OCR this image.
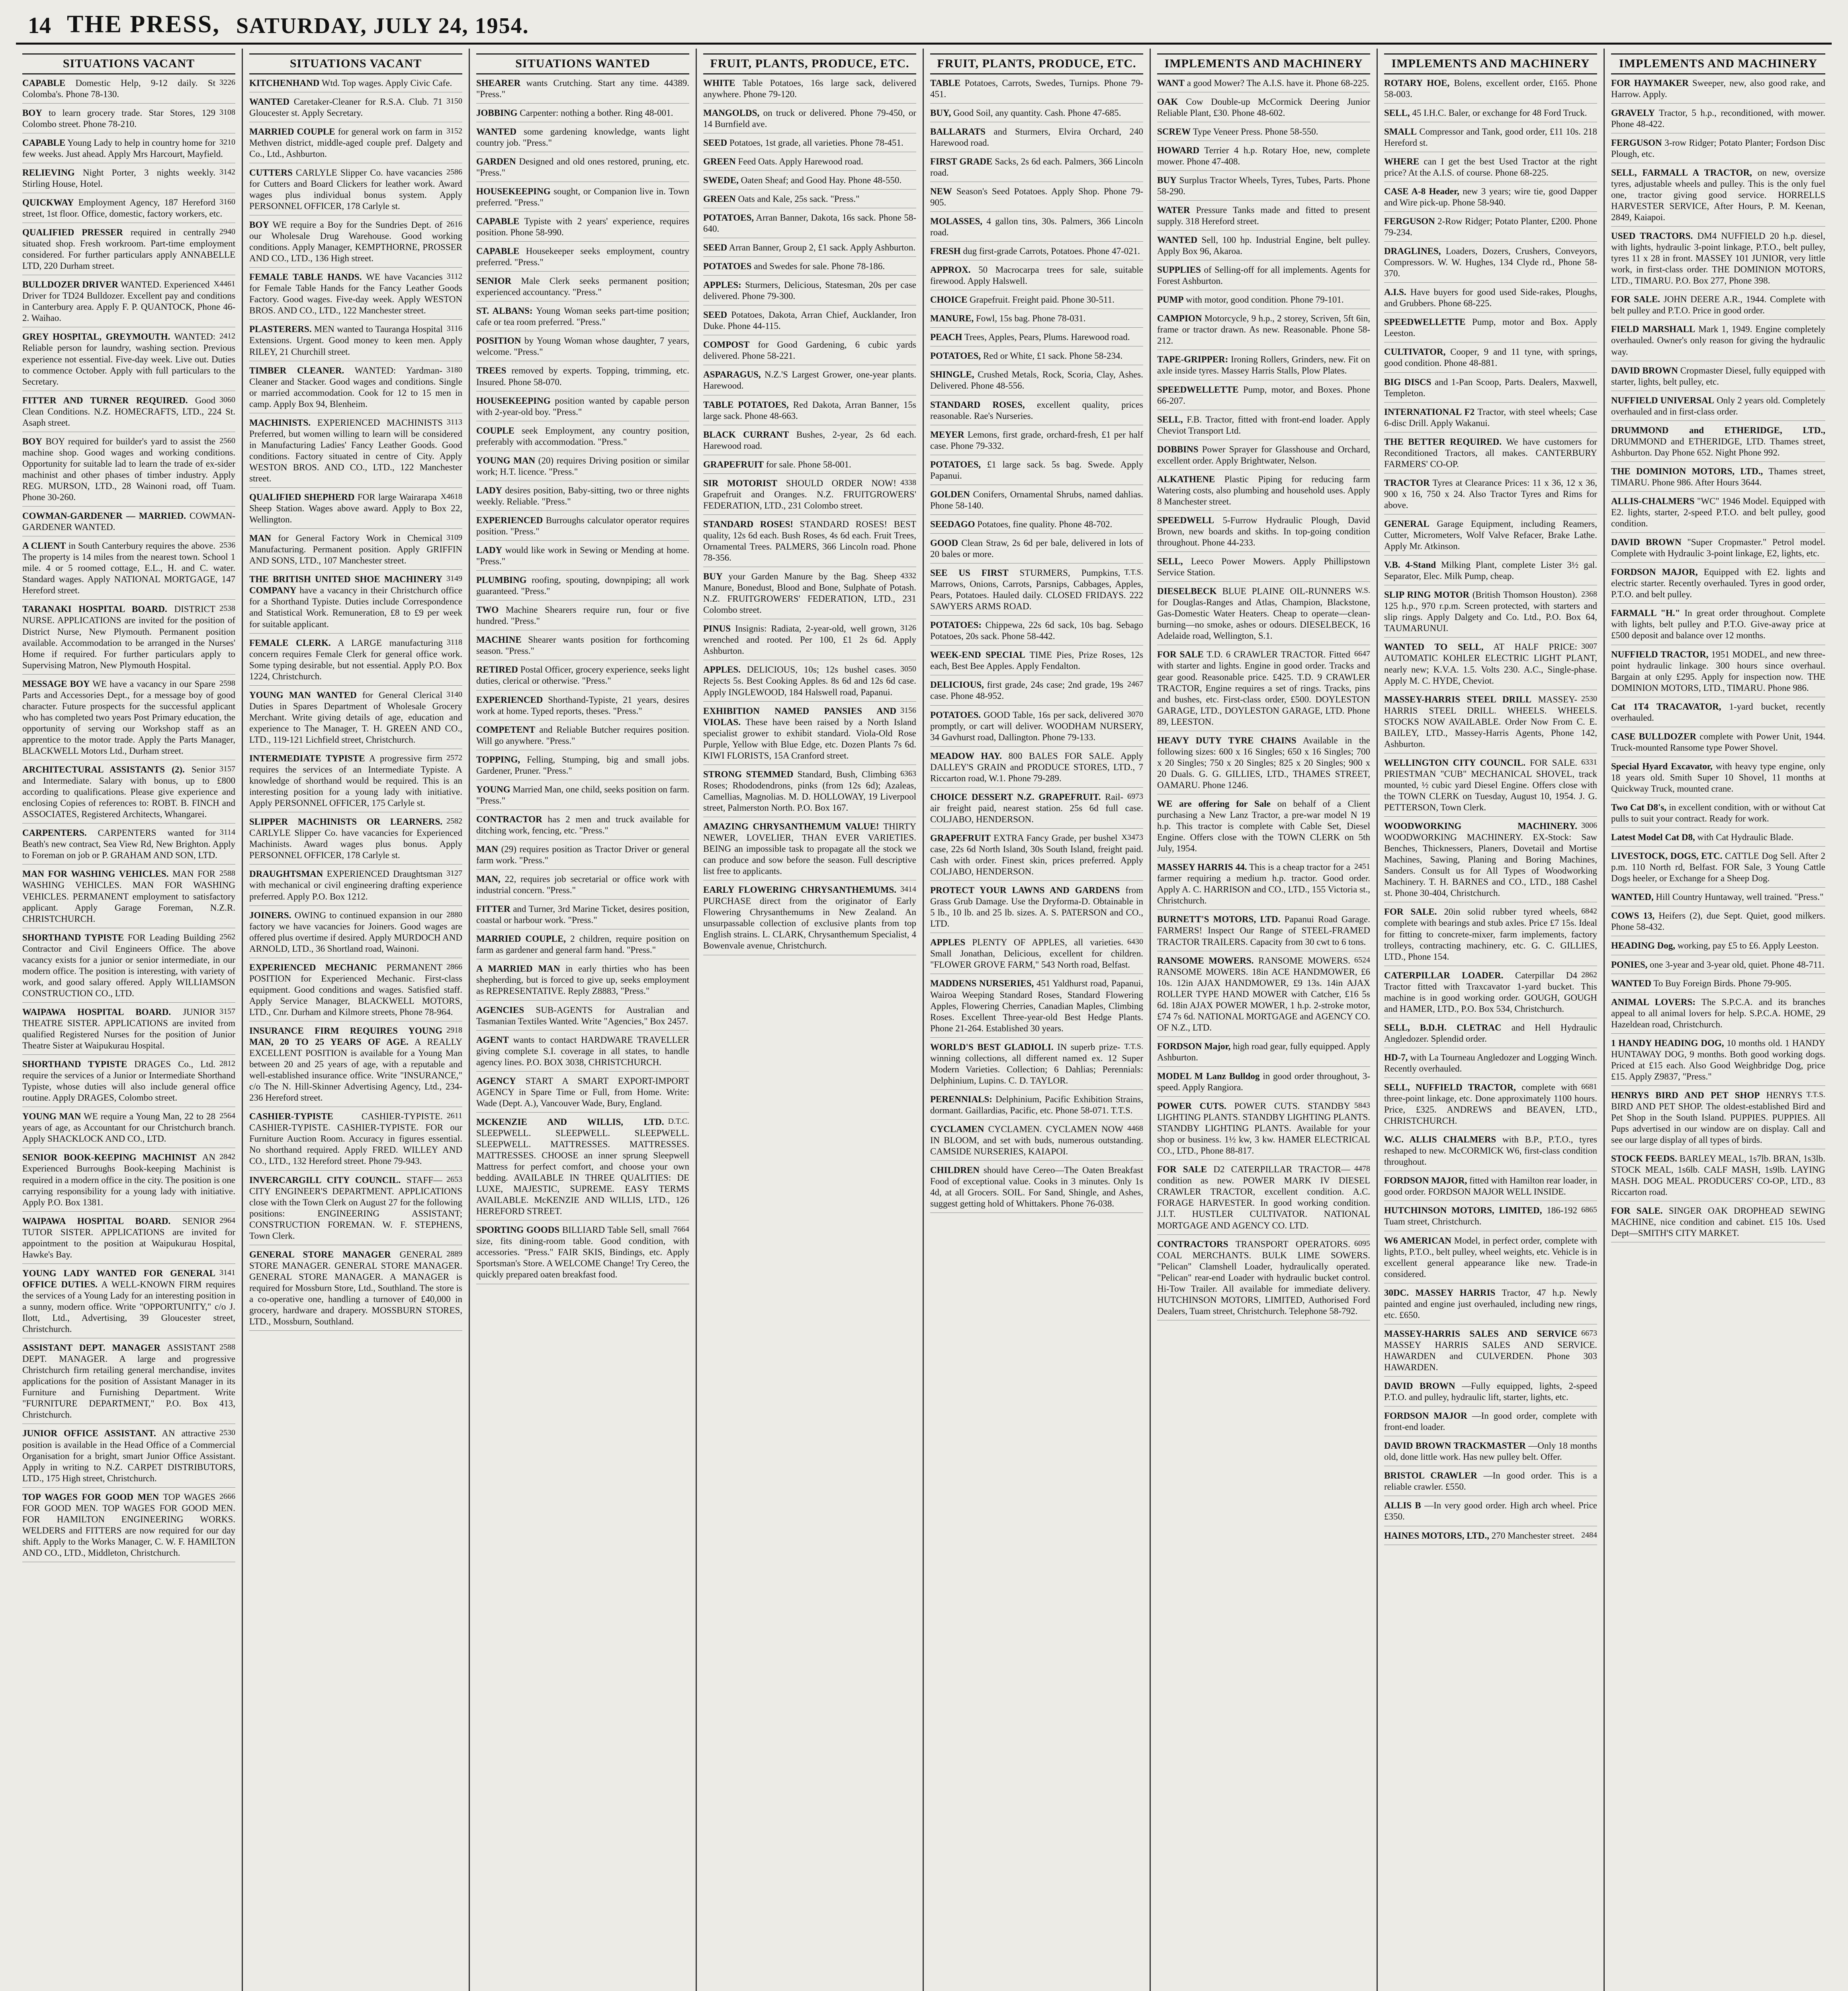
14 THE PRESS, SATURDAY, JULY 24, 1954.
SITUATIONS VACANT
3226
CAPABLE Domestic Help, 9-12 daily. St Colomba's. Phone 78-130.
3108
BOY to learn grocery trade. Star Stores, 129 Colombo street. Phone 78-210.
3210
CAPABLE Young Lady to help in country home for few weeks. Just ahead. Apply Mrs Harcourt, Mayfield.
3142
RELIEVING Night Porter, 3 nights weekly. Stirling House, Hotel.
3160
QUICKWAY Employment Agency, 187 Hereford street, 1st floor. Office, domestic, factory workers, etc.
2940
QUALIFIED PRESSER required in centrally situated shop. Fresh workroom. Part-time employment considered. For further particulars apply ANNABELLE LTD, 220 Durham street.
X4461
BULLDOZER DRIVER WANTED. Experienced Driver for TD24 Bulldozer. Excellent pay and conditions in Canterbury area. Apply F. P. QUANTOCK, Phone 46-2. Waihao.
2412
GREY HOSPITAL, GREYMOUTH. WANTED: Reliable person for laundry, washing section. Previous experience not essential. Five-day week. Live out. Duties to commence October. Apply with full particulars to the Secretary.
3060
FITTER AND TURNER REQUIRED. Good Clean Conditions. N.Z. HOMECRAFTS, LTD., 224 St. Asaph street.
2560
BOY BOY required for builder's yard to assist the machine shop. Good wages and working conditions. Opportunity for suitable lad to learn the trade of ex-sider machinist and other phases of timber industry. Apply REG. MURSON, LTD., 28 Wainoni road, off Tuam. Phone 30-260.
COWMAN-GARDENER — MARRIED. COWMAN-GARDENER WANTED.
2536
A CLIENT in South Canterbury requires the above. The property is 14 miles from the nearest town. School 1 mile. 4 or 5 roomed cottage, E.L., H. and C. water. Standard wages. Apply NATIONAL MORTGAGE, 147 Hereford street.
2538
TARANAKI HOSPITAL BOARD. DISTRICT NURSE. APPLICATIONS are invited for the position of District Nurse, New Plymouth. Permanent position available. Accommodation to be arranged in the Nurses' Home if required. For further particulars apply to Supervising Matron, New Plymouth Hospital.
2598
MESSAGE BOY WE have a vacancy in our Spare Parts and Accessories Dept., for a message boy of good character. Future prospects for the successful applicant who has completed two years Post Primary education, the opportunity of serving our Workshop staff as an apprentice to the motor trade. Apply the Parts Manager, BLACKWELL Motors Ltd., Durham street.
3157
ARCHITECTURAL ASSISTANTS (2). Senior and Intermediate. Salary with bonus, up to £800 according to qualifications. Please give experience and enclosing Copies of references to: ROBT. B. FINCH and ASSOCIATES, Registered Architects, Whangarei.
3114
CARPENTERS. CARPENTERS wanted for Beath's new contract, Sea View Rd, New Brighton. Apply to Foreman on job or P. GRAHAM AND SON, LTD.
2588
MAN FOR WASHING VEHICLES. MAN FOR WASHING VEHICLES. MAN FOR WASHING VEHICLES. PERMANENT employment to satisfactory applicant. Apply Garage Foreman, N.Z.R. CHRISTCHURCH.
2562
SHORTHAND TYPISTE FOR Leading Building Contractor and Civil Engineers Office. The above vacancy exists for a junior or senior intermediate, in our modern office. The position is interesting, with variety of work, and good salary offered. Apply WILLIAMSON CONSTRUCTION CO., LTD.
3157
WAIPAWA HOSPITAL BOARD. JUNIOR THEATRE SISTER. APPLICATIONS are invited from qualified Registered Nurses for the position of Junior Theatre Sister at Waipukurau Hospital.
2812
SHORTHAND TYPISTE DRAGES Co., Ltd. require the services of a Junior or Intermediate Shorthand Typiste, whose duties will also include general office routine. Apply DRAGES, Colombo street.
2564
YOUNG MAN WE require a Young Man, 22 to 28 years of age, as Accountant for our Christchurch branch. Apply SHACKLOCK AND CO., LTD.
2842
SENIOR BOOK-KEEPING MACHINIST AN Experienced Burroughs Book-keeping Machinist is required in a modern office in the city. The position is one carrying responsibility for a young lady with initiative. Apply P.O. Box 1381.
2964
WAIPAWA HOSPITAL BOARD. SENIOR TUTOR SISTER. APPLICATIONS are invited for appointment to the position at Waipukurau Hospital, Hawke's Bay.
3141
YOUNG LADY WANTED FOR GENERAL OFFICE DUTIES. A WELL-KNOWN FIRM requires the services of a Young Lady for an interesting position in a sunny, modern office. Write "OPPORTUNITY," c/o J. Ilott, Ltd., Advertising, 39 Gloucester street, Christchurch.
2588
ASSISTANT DEPT. MANAGER ASSISTANT DEPT. MANAGER. A large and progressive Christchurch firm retailing general merchandise, invites applications for the position of Assistant Manager in its Furniture and Furnishing Department. Write "FURNITURE DEPARTMENT," P.O. Box 413, Christchurch.
2530
JUNIOR OFFICE ASSISTANT. AN attractive position is available in the Head Office of a Commercial Organisation for a bright, smart Junior Office Assistant. Apply in writing to N.Z. CARPET DISTRIBUTORS, LTD., 175 High street, Christchurch.
2666
TOP WAGES FOR GOOD MEN TOP WAGES FOR GOOD MEN. TOP WAGES FOR GOOD MEN. FOR HAMILTON ENGINEERING WORKS. WELDERS and FITTERS are now required for our day shift. Apply to the Works Manager, C. W. F. HAMILTON AND CO., LTD., Middleton, Christchurch.
SITUATIONS VACANT
KITCHENHAND Wtd. Top wages. Apply Civic Cafe.
3150
WANTED Caretaker-Cleaner for R.S.A. Club. 71 Gloucester st. Apply Secretary.
3152
MARRIED COUPLE for general work on farm in Methven district, middle-aged couple pref. Dalgety and Co., Ltd., Ashburton.
2586
CUTTERS CARLYLE Slipper Co. have vacancies for Cutters and Board Clickers for leather work. Award wages plus individual bonus system. Apply PERSONNEL OFFICER, 178 Carlyle st.
2616
BOY WE require a Boy for the Sundries Dept. of our Wholesale Drug Warehouse. Good working conditions. Apply Manager, KEMPTHORNE, PROSSER AND CO., LTD., 136 High street.
3112
FEMALE TABLE HANDS. WE have Vacancies for Female Table Hands for the Fancy Leather Goods Factory. Good wages. Five-day week. Apply WESTON BROS. AND CO., LTD., 122 Manchester street.
3116
PLASTERERS. MEN wanted to Tauranga Hospital Extensions. Urgent. Good money to keen men. Apply RILEY, 21 Churchill street.
3180
TIMBER CLEANER. WANTED: Yardman-Cleaner and Stacker. Good wages and conditions. Single or married accommodation. Cook for 12 to 15 men in camp. Apply Box 94, Blenheim.
3113
MACHINISTS. EXPERIENCED MACHINISTS Preferred, but women willing to learn will be considered in Manufacturing Ladies' Fancy Leather Goods. Good conditions. Factory situated in centre of City. Apply WESTON BROS. AND CO., LTD., 122 Manchester street.
X4618
QUALIFIED SHEPHERD FOR large Wairarapa Sheep Station. Wages above award. Apply to Box 22, Wellington.
3109
MAN for General Factory Work in Chemical Manufacturing. Permanent position. Apply GRIFFIN AND SONS, LTD., 107 Manchester street.
3149
THE BRITISH UNITED SHOE MACHINERY COMPANY have a vacancy in their Christchurch office for a Shorthand Typiste. Duties include Correspondence and Statistical Work. Remuneration, £8 to £9 per week for suitable applicant.
3118
FEMALE CLERK. A LARGE manufacturing concern requires Female Clerk for general office work. Some typing desirable, but not essential. Apply P.O. Box 1224, Christchurch.
3140
YOUNG MAN WANTED for General Clerical Duties in Spares Department of Wholesale Grocery Merchant. Write giving details of age, education and experience to The Manager, T. H. GREEN AND CO., LTD., 119-121 Lichfield street, Christchurch.
2572
INTERMEDIATE TYPISTE A progressive firm requires the services of an Intermediate Typiste. A knowledge of shorthand would be required. This is an interesting position for a young lady with initiative. Apply PERSONNEL OFFICER, 175 Carlyle st.
2582
SLIPPER MACHINISTS OR LEARNERS. CARLYLE Slipper Co. have vacancies for Experienced Machinists. Award wages plus bonus. Apply PERSONNEL OFFICER, 178 Carlyle st.
3127
DRAUGHTSMAN EXPERIENCED Draughtsman with mechanical or civil engineering drafting experience preferred. Apply P.O. Box 1212.
2880
JOINERS. OWING to continued expansion in our factory we have vacancies for Joiners. Good wages are offered plus overtime if desired. Apply MURDOCH AND ARNOLD, LTD., 36 Shortland road, Wainoni.
2866
EXPERIENCED MECHANIC PERMANENT POSITION for Experienced Mechanic. First-class equipment. Good conditions and wages. Satisfied staff. Apply Service Manager, BLACKWELL MOTORS, LTD., Cnr. Durham and Kilmore streets, Phone 78-964.
2918
INSURANCE FIRM REQUIRES YOUNG MAN, 20 TO 25 YEARS OF AGE. A REALLY EXCELLENT POSITION is available for a Young Man between 20 and 25 years of age, with a reputable and well-established insurance office. Write "INSURANCE," c/o The N. Hill-Skinner Advertising Agency, Ltd., 234-236 Hereford street.
2611
CASHIER-TYPISTE	CASHIER-TYPISTE. CASHIER-TYPISTE. CASHIER-TYPISTE. FOR our Furniture Auction Room. Accuracy in figures essential. No shorthand required. Apply FRED. WILLEY AND CO., LTD., 132 Hereford street. Phone 79-943.
2653
INVERCARGILL CITY COUNCIL. STAFF—CITY ENGINEER'S DEPARTMENT. APPLICATIONS close with the Town Clerk on August 27 for the following positions: ENGINEERING ASSISTANT; CONSTRUCTION FOREMAN. W. F. STEPHENS, Town Clerk.
2889
GENERAL STORE MANAGER GENERAL STORE MANAGER. GENERAL STORE MANAGER. GENERAL STORE MANAGER. A MANAGER is required for Mossburn Store, Ltd., Southland. The store is a co-operative one, handling a turnover of £40,000 in grocery, hardware and drapery. MOSSBURN STORES, LTD., Mossburn, Southland.
SITUATIONS WANTED
SHEARER wants Crutching. Start any time. 44389. "Press."
JOBBING Carpenter: nothing a bother. Ring 48-001.
WANTED some gardening knowledge, wants light country job. "Press."
GARDEN Designed and old ones restored, pruning, etc. "Press."
HOUSEKEEPING sought, or Companion live in. Town preferred. "Press."
CAPABLE Typiste with 2 years' experience, requires position. Phone 58-990.
CAPABLE Housekeeper seeks employment, country preferred. "Press."
SENIOR Male Clerk seeks permanent position; experienced accountancy. "Press."
ST. ALBANS: Young Woman seeks part-time position; cafe or tea room preferred. "Press."
POSITION by Young Woman whose daughter, 7 years, welcome. "Press."
TREES removed by experts. Topping, trimming, etc. Insured. Phone 58-070.
HOUSEKEEPING position wanted by capable person with 2-year-old boy. "Press."
COUPLE seek Employment, any country position, preferably with accommodation. "Press."
YOUNG MAN (20) requires Driving position or similar work; H.T. licence. "Press."
LADY desires position, Baby-sitting, two or three nights weekly. Reliable. "Press."
EXPERIENCED Burroughs calculator operator requires position. "Press."
LADY would like work in Sewing or Mending at home. "Press."
PLUMBING roofing, spouting, downpiping; all work guaranteed. "Press."
TWO Machine Shearers require run, four or five hundred. "Press."
MACHINE Shearer wants position for forthcoming season. "Press."
RETIRED Postal Officer, grocery experience, seeks light duties, clerical or otherwise. "Press."
EXPERIENCED Shorthand-Typiste, 21 years, desires work at home. Typed reports, theses. "Press."
COMPETENT and Reliable Butcher requires position. Will go anywhere. "Press."
TOPPING, Felling, Stumping, big and small jobs. Gardener, Pruner. "Press."
YOUNG Married Man, one child, seeks position on farm. "Press."
CONTRACTOR has 2 men and truck available for ditching work, fencing, etc. "Press."
MAN (29) requires position as Tractor Driver or general farm work. "Press."
MAN, 22, requires job secretarial or office work with industrial concern. "Press."
FITTER and Turner, 3rd Marine Ticket, desires position, coastal or harbour work. "Press."
MARRIED COUPLE, 2 children, require position on farm as gardener and general farm hand. "Press."
A MARRIED MAN in early thirties who has been shepherding, but is forced to give up, seeks employment as REPRESENTATIVE. Reply Z8883, "Press."
AGENCIES SUB-AGENTS for Australian and Tasmanian Textiles Wanted. Write "Agencies," Box 2457.
AGENT wants to contact HARDWARE TRAVELLER giving complete S.I. coverage in all states, to handle agency lines. P.O. BOX 3038, CHRISTCHURCH.
AGENCY START A SMART EXPORT-IMPORT AGENCY in Spare Time or Full, from Home. Write: Wade (Dept. A.), Vancouver Wade, Bury, England.
D.T.C.
MCKENZIE AND WILLIS, LTD. SLEEPWELL. SLEEPWELL. SLEEPWELL. SLEEPWELL. MATTRESSES. MATTRESSES. MATTRESSES. CHOOSE an inner sprung Sleepwell Mattress for perfect comfort, and choose your own bedding. AVAILABLE IN THREE QUALITIES: DE LUXE, MAJESTIC, SUPREME. EASY TERMS AVAILABLE. McKENZIE AND WILLIS, LTD., 126 HEREFORD STREET.
7664
SPORTING GOODS BILLIARD Table Sell, small size, fits dining-room table. Good condition, with accessories. "Press." FAIR SKIS, Bindings, etc. Apply Sportsman's Store. A WELCOME Change! Try Cereo, the quickly prepared oaten breakfast food.
FRUIT, PLANTS, PRODUCE, ETC.
WHITE Table Potatoes, 16s large sack, delivered anywhere. Phone 79-120.
MANGOLDS, on truck or delivered. Phone 79-450, or 14 Burnfield ave.
SEED Potatoes, 1st grade, all varieties. Phone 78-451.
GREEN Feed Oats. Apply Harewood road.
SWEDE, Oaten Sheaf; and Good Hay. Phone 48-550.
GREEN Oats and Kale, 25s sack. "Press."
POTATOES, Arran Banner, Dakota, 16s sack. Phone 58-640.
SEED Arran Banner, Group 2, £1 sack. Apply Ashburton.
POTATOES and Swedes for sale. Phone 78-186.
APPLES: Sturmers, Delicious, Statesman, 20s per case delivered. Phone 79-300.
SEED Potatoes, Dakota, Arran Chief, Aucklander, Iron Duke. Phone 44-115.
COMPOST for Good Gardening, 6 cubic yards delivered. Phone 58-221.
ASPARAGUS, N.Z.'S Largest Grower, one-year plants. Harewood.
TABLE POTATOES, Red Dakota, Arran Banner, 15s large sack. Phone 48-663.
BLACK CURRANT Bushes, 2-year, 2s 6d each. Harewood road.
GRAPEFRUIT for sale. Phone 58-001.
4338
SIR MOTORIST SHOULD ORDER NOW! Grapefruit and Oranges. N.Z. FRUITGROWERS' FEDERATION, LTD., 231 Colombo street.
STANDARD ROSES! STANDARD ROSES! BEST quality, 12s 6d each. Bush Roses, 4s 6d each. Fruit Trees, Ornamental Trees. PALMERS, 366 Lincoln road. Phone 78-356.
4332
BUY your Garden Manure by the Bag. Sheep Manure, Bonedust, Blood and Bone, Sulphate of Potash. N.Z. FRUITGROWERS' FEDERATION, LTD., 231 Colombo street.
3126
PINUS Insignis: Radiata, 2-year-old, well grown, wrenched and rooted. Per 100, £1 2s 6d. Apply Ashburton.
3050
APPLES. DELICIOUS, 10s; 12s bushel cases. Rejects 5s. Best Cooking Apples. 8s 6d and 12s 6d case. Apply INGLEWOOD, 184 Halswell road, Papanui.
3156
EXHIBITION NAMED PANSIES AND VIOLAS. These have been raised by a North Island specialist grower to exhibit standard. Viola-Old Rose Purple, Yellow with Blue Edge, etc. Dozen Plants 7s 6d. KIWI FLORISTS, 15A Cranford street.
6363
STRONG STEMMED Standard, Bush, Climbing Roses; Rhododendrons, pinks (from 12s 6d); Azaleas, Camellias, Magnolias. M. D. HOLLOWAY, 19 Liverpool street, Palmerston North. P.O. Box 167.
AMAZING CHRYSANTHEMUM VALUE! THIRTY NEWER, LOVELIER, THAN EVER VARIETIES. BEING an impossible task to propagate all the stock we can produce and sow before the season. Full descriptive list free to applicants.
3414
EARLY FLOWERING CHRYSANTHEMUMS. PURCHASE direct from the originator of Early Flowering Chrysanthemums in New Zealand. An unsurpassable collection of exclusive plants from top English strains. L. CLARK, Chrysanthemum Specialist, 4 Bowenvale avenue, Christchurch.
FRUIT, PLANTS, PRODUCE, ETC.
TABLE Potatoes, Carrots, Swedes, Turnips. Phone 79-451.
BUY, Good Soil, any quantity. Cash. Phone 47-685.
BALLARATS and Sturmers, Elvira Orchard, 240 Harewood road.
FIRST GRADE Sacks, 2s 6d each. Palmers, 366 Lincoln road.
NEW Season's Seed Potatoes. Apply Shop. Phone 79-905.
MOLASSES, 4 gallon tins, 30s. Palmers, 366 Lincoln road.
FRESH dug first-grade Carrots, Potatoes. Phone 47-021.
APPROX. 50 Macrocarpa trees for sale, suitable firewood. Apply Halswell.
CHOICE Grapefruit. Freight paid. Phone 30-511.
MANURE, Fowl, 15s bag. Phone 78-031.
PEACH Trees, Apples, Pears, Plums. Harewood road.
POTATOES, Red or White, £1 sack. Phone 58-234.
SHINGLE, Crushed Metals, Rock, Scoria, Clay, Ashes. Delivered. Phone 48-556.
STANDARD ROSES, excellent quality, prices reasonable. Rae's Nurseries.
MEYER Lemons, first grade, orchard-fresh, £1 per half case. Phone 79-332.
POTATOES, £1 large sack. 5s bag. Swede. Apply Papanui.
GOLDEN Conifers, Ornamental Shrubs, named dahlias. Phone 58-140.
SEEDAGO Potatoes, fine quality. Phone 48-702.
GOOD Clean Straw, 2s 6d per bale, delivered in lots of 20 bales or more.
T.T.S.
SEE US FIRST STURMERS, Pumpkins, Marrows, Onions, Carrots, Parsnips, Cabbages, Apples, Pears, Potatoes. Hauled daily. CLOSED FRIDAYS. 222 SAWYERS ARMS ROAD.
POTATOES: Chippewa, 22s 6d sack, 10s bag. Sebago Potatoes, 20s sack. Phone 58-442.
WEEK-END SPECIAL TIME Pies, Prize Roses, 12s each, Best Bee Apples. Apply Fendalton.
2467
DELICIOUS, first grade, 24s case; 2nd grade, 19s case. Phone 48-952.
3070
POTATOES. GOOD Table, 16s per sack, delivered promptly, or cart will deliver. WOODHAM NURSERY, 34 Gavhurst road, Dallington. Phone 79-133.
MEADOW HAY. 800 BALES FOR SALE. Apply DALLEY'S GRAIN and PRODUCE STORES, LTD., 7 Riccarton road, W.1. Phone 79-289.
6973
CHOICE DESSERT N.Z. GRAPEFRUIT. Rail-air freight paid, nearest station. 25s 6d full case. COLJABO, HENDERSON.
X3473
GRAPEFRUIT EXTRA Fancy Grade, per bushel case, 22s 6d North Island, 30s South Island, freight paid. Cash with order. Finest skin, prices preferred. Apply COLJABO, HENDERSON.
PROTECT YOUR LAWNS AND GARDENS from Grass Grub Damage. Use the Dryforma-D. Obtainable in 5 lb., 10 lb. and 25 lb. sizes. A. S. PATERSON and CO., LTD.
6430
APPLES PLENTY OF APPLES, all varieties. Small Jonathan, Delicious, excellent for children. "FLOWER GROVE FARM," 543 North road, Belfast.
MADDENS NURSERIES, 451 Yaldhurst road, Papanui, Wairoa Weeping Standard Roses, Standard Flowering Apples, Flowering Cherries, Canadian Maples, Climbing Roses. Excellent Three-year-old Best Hedge Plants. Phone 21-264. Established 30 years.
T.T.S.
WORLD'S BEST GLADIOLI. IN superb prize-winning collections, all different named ex. 12 Super Modern Varieties. Collection; 6 Dahlias; Perennials: Delphinium, Lupins. C. D. TAYLOR.
PERENNIALS: Delphinium, Pacific Exhibition Strains, dormant. Gaillardias, Pacific, etc. Phone 58-071. T.T.S.
4468
CYCLAMEN CYCLAMEN. CYCLAMEN NOW IN BLOOM, and set with buds, numerous outstanding. CAMSIDE NURSERIES, KAIAPOI.
CHILDREN should have Cereo—The Oaten Breakfast Food of exceptional value. Cooks in 3 minutes. Only 1s 4d, at all Grocers. SOIL. For Sand, Shingle, and Ashes, suggest getting hold of Whittakers. Phone 76-038.
IMPLEMENTS AND MACHINERY
WANT a good Mower? The A.I.S. have it. Phone 68-225.
OAK Cow Double-up McCormick Deering Junior Reliable Plant, £30. Phone 48-602.
SCREW Type Veneer Press. Phone 58-550.
HOWARD Terrier 4 h.p. Rotary Hoe, new, complete mower. Phone 47-408.
BUY Surplus Tractor Wheels, Tyres, Tubes, Parts. Phone 58-290.
WATER Pressure Tanks made and fitted to present supply. 318 Hereford street.
WANTED Sell, 100 hp. Industrial Engine, belt pulley. Apply Box 96, Akaroa.
SUPPLIES of Selling-off for all implements. Agents for Forest Ashburton.
PUMP with motor, good condition. Phone 79-101.
CAMPION Motorcycle, 9 h.p., 2 storey, Scriven, 5ft 6in, frame or tractor drawn. As new. Reasonable. Phone 58-212.
TAPE-GRIPPER: Ironing Rollers, Grinders, new. Fit on axle inside tyres. Massey Harris Stalls, Plow Plates.
SPEEDWELLETTE Pump, motor, and Boxes. Phone 66-207.
SELL, F.B. Tractor, fitted with front-end loader. Apply Cheviot Transport Ltd.
DOBBINS Power Sprayer for Glasshouse and Orchard, excellent order. Apply Brightwater, Nelson.
ALKATHENE Plastic Piping for reducing farm Watering costs, also plumbing and household uses. Apply 8 Manchester street.
SPEEDWELL 5-Furrow Hydraulic Plough, David Brown, new boards and skiths. In top-going condition throughout. Phone 44-233.
SELL, Leeco Power Mowers. Apply Phillipstown Service Station.
W.S.
DIESELBECK BLUE PLAINE OIL-RUNNERS for Douglas-Ranges and Atlas, Champion, Blackstone, Gas-Domestic Water Heaters. Cheap to operate—clean-burning—no smoke, ashes or odours. DIESELBECK, 16 Adelaide road, Wellington, S.1.
6647
FOR SALE T.D. 6 CRAWLER TRACTOR. Fitted with starter and lights. Engine in good order. Tracks and gear good. Reasonable price. £425. T.D. 9 CRAWLER TRACTOR, Engine requires a set of rings. Tracks, pins and bushes, etc. First-class order, £500. DOYLESTON GARAGE, LTD., DOYLESTON GARAGE, LTD. Phone 89, LEESTON.
HEAVY DUTY TYRE CHAINS Available in the following sizes: 600 x 16 Singles; 650 x 16 Singles; 700 x 20 Singles; 750 x 20 Singles; 825 x 20 Singles; 900 x 20 Duals. G. G. GILLIES, LTD., THAMES STREET, OAMARU. Phone 1246.
WE are offering for Sale on behalf of a Client purchasing a New Lanz Tractor, a pre-war model N 19 h.p. This tractor is complete with Cable Set, Diesel Engine. Offers close with the TOWN CLERK on 5th July, 1954.
2451
MASSEY HARRIS 44. This is a cheap tractor for a farmer requiring a medium h.p. tractor. Good order. Apply A. C. HARRISON and CO., LTD., 155 Victoria st., Christchurch.
BURNETT'S MOTORS, LTD. Papanui Road Garage. FARMERS! Inspect Our Range of STEEL-FRAMED TRACTOR TRAILERS. Capacity from 30 cwt to 6 tons.
6524
RANSOME MOWERS. RANSOME MOWERS. RANSOME MOWERS. 18in ACE HANDMOWER, £6 10s. 12in AJAX HANDMOWER, £9 13s. 14in AJAX ROLLER TYPE HAND MOWER with Catcher, £16 5s 6d. 18in AJAX POWER MOWER, 1 h.p. 2-stroke motor, £74 7s 6d. NATIONAL MORTGAGE and AGENCY CO. OF N.Z., LTD.
FORDSON Major, high road gear, fully equipped. Apply Ashburton.
MODEL M Lanz Bulldog in good order throughout, 3-speed. Apply Rangiora.
5843
POWER CUTS. POWER CUTS. STANDBY LIGHTING PLANTS. STANDBY LIGHTING PLANTS. STANDBY LIGHTING PLANTS. Available for your shop or business. 1½ kw, 3 kw. HAMER ELECTRICAL CO., LTD., Phone 88-817.
4478
FOR SALE D2 CATERPILLAR TRACTOR—condition as new. POWER MARK IV DIESEL CRAWLER TRACTOR, excellent condition. A.C. FORAGE HARVESTER. In good working condition. J.I.T. HUSTLER CULTIVATOR. NATIONAL MORTGAGE AND AGENCY CO. LTD.
6095
CONTRACTORS TRANSPORT OPERATORS. COAL MERCHANTS. BULK LIME SOWERS. "Pelican" Clamshell Loader, hydraulically operated. "Pelican" rear-end Loader with hydraulic bucket control. Hi-Tow Trailer. All available for immediate delivery. HUTCHINSON MOTORS, LIMITED, Authorised Ford Dealers, Tuam street, Christchurch. Telephone 58-792.
IMPLEMENTS AND MACHINERY
ROTARY HOE, Bolens, excellent order, £165. Phone 58-003.
SELL, 45 I.H.C. Baler, or exchange for 48 Ford Truck.
SMALL Compressor and Tank, good order, £11 10s. 218 Hereford st.
WHERE can I get the best Used Tractor at the right price? At the A.I.S. of course. Phone 68-225.
CASE A-8 Header, new 3 years; wire tie, good Dapper and Wire pick-up. Phone 58-940.
FERGUSON 2-Row Ridger; Potato Planter, £200. Phone 79-234.
DRAGLINES, Loaders, Dozers, Crushers, Conveyors, Compressors. W. W. Hughes, 134 Clyde rd., Phone 58-370.
A.I.S. Have buyers for good used Side-rakes, Ploughs, and Grubbers. Phone 68-225.
SPEEDWELLETTE Pump, motor and Box. Apply Leeston.
CULTIVATOR, Cooper, 9 and 11 tyne, with springs, good condition. Phone 48-881.
BIG DISCS and 1-Pan Scoop, Parts. Dealers, Maxwell, Templeton.
INTERNATIONAL F2 Tractor, with steel wheels; Case 6-disc Drill. Apply Wakanui.
THE BETTER REQUIRED. We have customers for Reconditioned Tractors, all makes. CANTERBURY FARMERS' CO-OP.
TRACTOR Tyres at Clearance Prices: 11 x 36, 12 x 36, 900 x 16, 750 x 24. Also Tractor Tyres and Rims for above.
GENERAL Garage Equipment, including Reamers, Cutter, Micrometers, Wolf Valve Refacer, Brake Lathe. Apply Mr. Atkinson.
V.B. 4-Stand Milking Plant, complete Lister 3½ gal. Separator, Elec. Milk Pump, cheap.
2368
SLIP RING MOTOR (British Thomson Houston). 125 h.p., 970 r.p.m. Screen protected, with starters and slip rings. Apply Dalgety and Co. Ltd., P.O. Box 64, TAUMARUNUI.
3007
WANTED TO SELL, AT HALF PRICE: AUTOMATIC KOHLER ELECTRIC LIGHT PLANT, nearly new; K.V.A. 1.5. Volts 230. A.C., Single-phase. Apply M. C. HYDE, Cheviot.
2530
MASSEY-HARRIS STEEL DRILL MASSEY-HARRIS STEEL DRILL. WHEELS. WHEELS. STOCKS NOW AVAILABLE. Order Now From C. E. BAILEY, LTD., Massey-Harris Agents, Phone 142, Ashburton.
6331
WELLINGTON CITY COUNCIL. FOR SALE. PRIESTMAN "CUB" MECHANICAL SHOVEL, track mounted, ½ cubic yard Diesel Engine. Offers close with the TOWN CLERK on Tuesday, August 10, 1954. J. G. PETTERSON, Town Clerk.
3006
WOODWORKING MACHINERY. WOODWORKING MACHINERY. EX-Stock: Saw Benches, Thicknessers, Planers, Dovetail and Mortise Machines, Sawing, Planing and Boring Machines, Sanders. Consult us for All Types of Woodworking Machinery. T. H. BARNES and CO., LTD., 188 Cashel st. Phone 30-404, Christchurch.
6842
FOR SALE. 20in solid rubber tyred wheels, complete with bearings and stub axles. Price £7 15s. Ideal for fitting to concrete-mixer, farm implements, factory trolleys, contracting machinery, etc. G. C. GILLIES, LTD., Phone 154.
2862
CATERPILLAR LOADER. Caterpillar D4 Tractor fitted with Traxcavator 1-yard bucket. This machine is in good working order. GOUGH, GOUGH and HAMER, LTD., P.O. Box 534, Christchurch.
SELL, B.D.H. CLETRAC and Hell Hydraulic Angledozer. Splendid order.
HD-7, with La Tourneau Angledozer and Logging Winch. Recently overhauled.
6681
SELL, NUFFIELD TRACTOR, complete with three-point linkage, etc. Done approximately 1100 hours. Price, £325. ANDREWS and BEAVEN, LTD., CHRISTCHURCH.
W.C. ALLIS CHALMERS with B.P., P.T.O., tyres reshaped to new. McCORMICK W6, first-class condition throughout.
FORDSON MAJOR, fitted with Hamilton rear loader, in good order. FORDSON MAJOR WELL INSIDE.
6865
HUTCHINSON MOTORS, LIMITED, 186-192 Tuam street, Christchurch.
W6 AMERICAN Model, in perfect order, complete with lights, P.T.O., belt pulley, wheel weights, etc. Vehicle is in excellent general appearance like new. Trade-in considered.
30DC. MASSEY HARRIS Tractor, 47 h.p. Newly painted and engine just overhauled, including new rings, etc. £650.
6673
MASSEY-HARRIS SALES AND SERVICE MASSEY HARRIS SALES AND SERVICE. HAWARDEN and CULVERDEN. Phone 303 HAWARDEN.
DAVID BROWN —Fully equipped, lights, 2-speed P.T.O. and pulley, hydraulic lift, starter, lights, etc.
FORDSON MAJOR —In good order, complete with front-end loader.
DAVID BROWN TRACKMASTER —Only 18 months old, done little work. Has new pulley belt. Offer.
BRISTOL CRAWLER —In good order. This is a reliable crawler. £550.
ALLIS B —In very good order. High arch wheel. Price £350.
2484
HAINES MOTORS, LTD., 270 Manchester street.
IMPLEMENTS AND MACHINERY
FOR HAYMAKER Sweeper, new, also good rake, and Harrow. Apply.
GRAVELY Tractor, 5 h.p., reconditioned, with mower. Phone 48-422.
FERGUSON 3-row Ridger; Potato Planter; Fordson Disc Plough, etc.
SELL, FARMALL A TRACTOR, on new, oversize tyres, adjustable wheels and pulley. This is the only fuel one, tractor giving good service. HORRELLS HARVESTER SERVICE, After Hours, P. M. Keenan, 2849, Kaiapoi.
USED TRACTORS. DM4 NUFFIELD 20 h.p. diesel, with lights, hydraulic 3-point linkage, P.T.O., belt pulley, tyres 11 x 28 in front. MASSEY 101 JUNIOR, very little work, in first-class order. THE DOMINION MOTORS, LTD., TIMARU. P.O. Box 277, Phone 398.
FOR SALE. JOHN DEERE A.R., 1944. Complete with belt pulley and P.T.O. Price in good order.
FIELD MARSHALL Mark 1, 1949. Engine completely overhauled. Owner's only reason for giving the hydraulic way.
DAVID BROWN Cropmaster Diesel, fully equipped with starter, lights, belt pulley, etc.
NUFFIELD UNIVERSAL Only 2 years old. Completely overhauled and in first-class order.
DRUMMOND and ETHERIDGE, LTD., DRUMMOND and ETHERIDGE, LTD. Thames street, Ashburton. Day Phone 652. Night Phone 992.
THE DOMINION MOTORS, LTD., Thames street, TIMARU. Phone 986. After Hours 3644.
ALLIS-CHALMERS "WC" 1946 Model. Equipped with E2. lights, starter, 2-speed P.T.O. and belt pulley, good condition.
DAVID BROWN "Super Cropmaster." Petrol model. Complete with Hydraulic 3-point linkage, E2, lights, etc.
FORDSON MAJOR, Equipped with E2. lights and electric starter. Recently overhauled. Tyres in good order, P.T.O. and belt pulley.
FARMALL "H." In great order throughout. Complete with lights, belt pulley and P.T.O. Give-away price at £500 deposit and balance over 12 months.
NUFFIELD TRACTOR, 1951 MODEL, and new three-point hydraulic linkage. 300 hours since overhaul. Bargain at only £295. Apply for inspection now. THE DOMINION MOTORS, LTD., TIMARU. Phone 986.
Cat 1T4 TRACAVATOR, 1-yard bucket, recently overhauled.
CASE BULLDOZER complete with Power Unit, 1944. Truck-mounted Ransome type Power Shovel.
Special Hyard Excavator, with heavy type engine, only 18 years old. Smith Super 10 Shovel, 11 months at Quickway Truck, mounted crane.
Two Cat D8's, in excellent condition, with or without Cat pulls to suit your contract. Ready for work.
Latest Model Cat D8, with Cat Hydraulic Blade.
LIVESTOCK, DOGS, ETC. CATTLE Dog Sell. After 2 p.m. 110 North rd, Belfast. FOR Sale, 3 Young Cattle Dogs heeler, or Exchange for a Sheep Dog.
WANTED, Hill Country Huntaway, well trained. "Press."
COWS 13, Heifers (2), due Sept. Quiet, good milkers. Phone 58-432.
HEADING Dog, working, pay £5 to £6. Apply Leeston.
PONIES, one 3-year and 3-year old, quiet. Phone 48-711.
WANTED To Buy Foreign Birds. Phone 79-905.
ANIMAL LOVERS: The S.P.C.A. and its branches appeal to all animal lovers for help. S.P.C.A. HOME, 29 Hazeldean road, Christchurch.
1 HANDY HEADING DOG, 10 months old. 1 HANDY HUNTAWAY DOG, 9 months. Both good working dogs. Priced at £15 each. Also Good Weighbridge Dog, price £15. Apply Z9837, "Press."
T.T.S.
HENRYS BIRD AND PET SHOP HENRYS BIRD AND PET SHOP. The oldest-established Bird and Pet Shop in the South Island. PUPPIES. PUPPIES. All Pups advertised in our window are on display. Call and see our large display of all types of birds.
STOCK FEEDS. BARLEY MEAL, 1s7lb. BRAN, 1s3lb. STOCK MEAL, 1s6lb. CALF MASH, 1s9lb. LAYING MASH. DOG MEAL. PRODUCERS' CO-OP., LTD., 83 Riccarton road.
FOR SALE. SINGER OAK DROPHEAD SEWING MACHINE, nice condition and cabinet. £15 10s. Used Dept—SMITH'S CITY MARKET.
